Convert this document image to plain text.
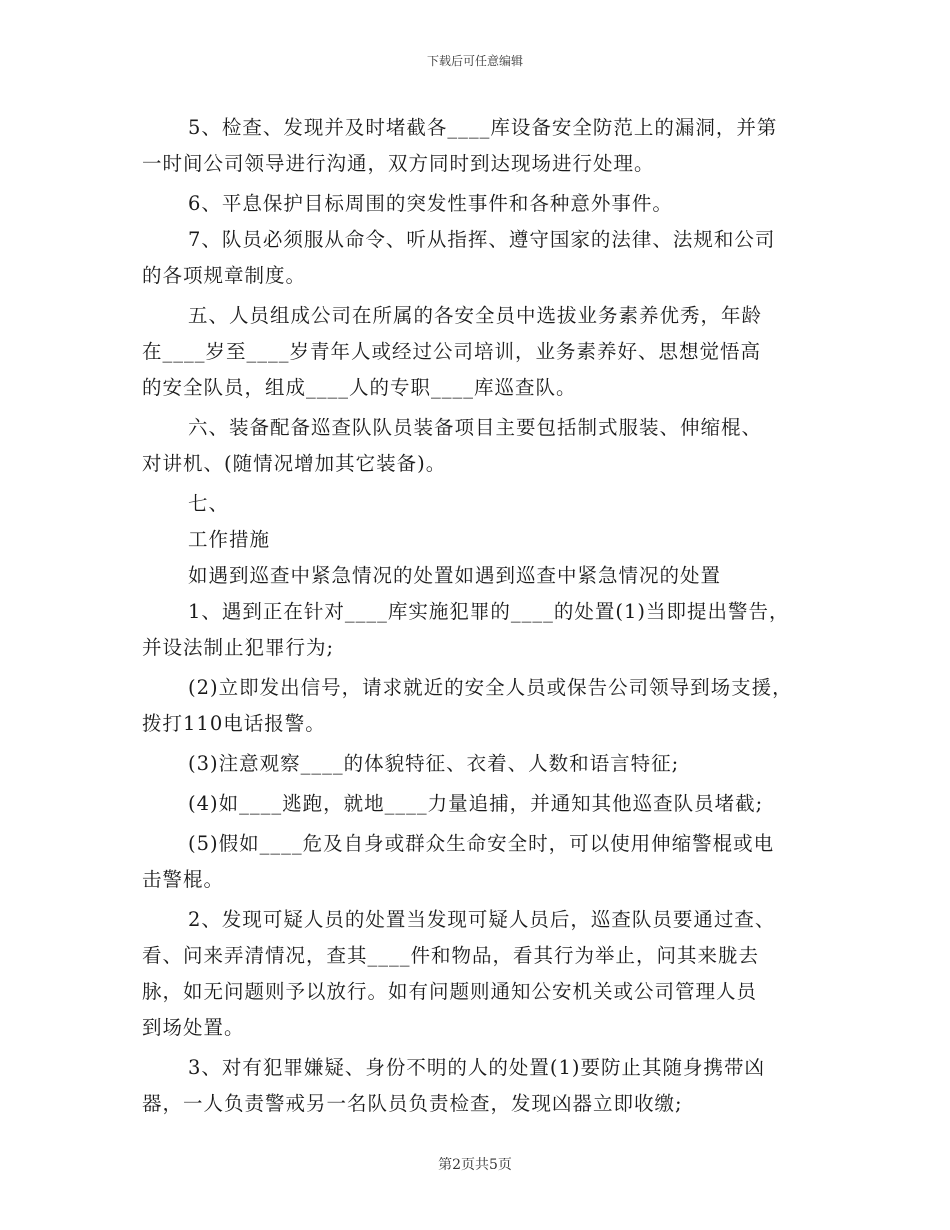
下载后可任意编辑
5、检查、发现并及时堵截各____库设备安全防范上的漏洞，并第
一时间公司领导进行沟通，双方同时到达现场进行处理。
6、平息保护目标周围的突发性事件和各种意外事件。
7、队员必须服从命令、听从指挥、遵守国家的法律、法规和公司
的各项规章制度。
五、人员组成公司在所属的各安全员中选拔业务素养优秀，年龄
在____岁至____岁青年人或经过公司培训，业务素养好、思想觉悟高
的安全队员，组成____人的专职____库巡查队。
六、装备配备巡查队队员装备项目主要包括制式服装、伸缩棍、
对讲机、(随情况增加其它装备)。
七、
工作措施
如遇到巡查中紧急情况的处置如遇到巡查中紧急情况的处置
1、遇到正在针对____库实施犯罪的____的处置(1)当即提出警告，
并设法制止犯罪行为;
(2)立即发出信号，请求就近的安全人员或保告公司领导到场支援，
拨打110电话报警。
(3)注意观察____的体貌特征、衣着、人数和语言特征;
(4)如____逃跑，就地____力量追捕，并通知其他巡查队员堵截;
(5)假如____危及自身或群众生命安全时，可以使用伸缩警棍或电
击警棍。
2、发现可疑人员的处置当发现可疑人员后，巡查队员要通过查、
看、问来弄清情况，查其____件和物品，看其行为举止，问其来胧去
脉，如无问题则予以放行。如有问题则通知公安机关或公司管理人员
到场处置。
3、对有犯罪嫌疑、身份不明的人的处置(1)要防止其随身携带凶
器，一人负责警戒另一名队员负责检查，发现凶器立即收缴;
第2页共5页
